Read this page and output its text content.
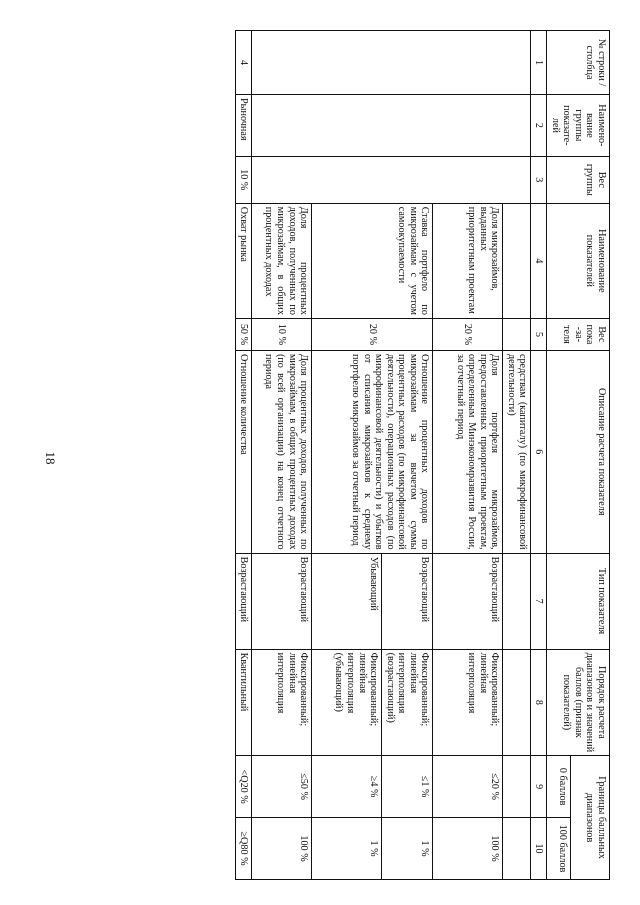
18
№ строки / столбца	Наимено-вание группы показате-лей	Вес группы	Наименование показателей	Вес пока -за-теля	Описание расчета показателя	Тип показателя	Порядок расчета диапазонов и значений баллов (признак показателей)	Границы балльных диапазонов	
								0 баллов	100 баллов
1	2	3	4	5	6	7	8	9	10
					средствам (капиталу) (по микрофинансовой деятельности)				
			Доля микрозаймов, выданных приоритетным проектам	20 %	Доля портфеля микрозаймов, предоставленных приоритетным проектам, определенным Минэкономразвития России, за отчетный период	Возрастающий	Фиксированный; линейная интерполяция	≤20 %	100 %
			Ставка портфело по микрозаймам с учетом самоокупаемости	20 %	Отношение процентных доходов по микрозаймам за вычетом суммы процентных расходов (по микрофинансовой деятельности), операционных расходов (по микрофинансовой деятельности) и убытков от списания микрозаймов к среднему портфелю микрозаймов за отчетный период	Возрастающий	Фиксированный; линейная интерполяция (возрастающий)	≤1 %	1 %
						Убывающий	Фиксированный; линейная интерполяция (убывающий)	≥4 %	1 %
			Доля процентных доходов, полученных по микрозаймам, в общих процентных доходах	10 %	Доля процентных доходов, полученных по микрозаймам, в общих процентных доходах (по всей организации) на конец отчетного периода	Возрастающий	Фиксированный; линейная интерполяция	≤50 %	100 %
4	Рыночная	10 %	Охват рынка	50 %	Отношение количества	Возрастающий	Квантильный	<Q20 %	≥Q80 %
